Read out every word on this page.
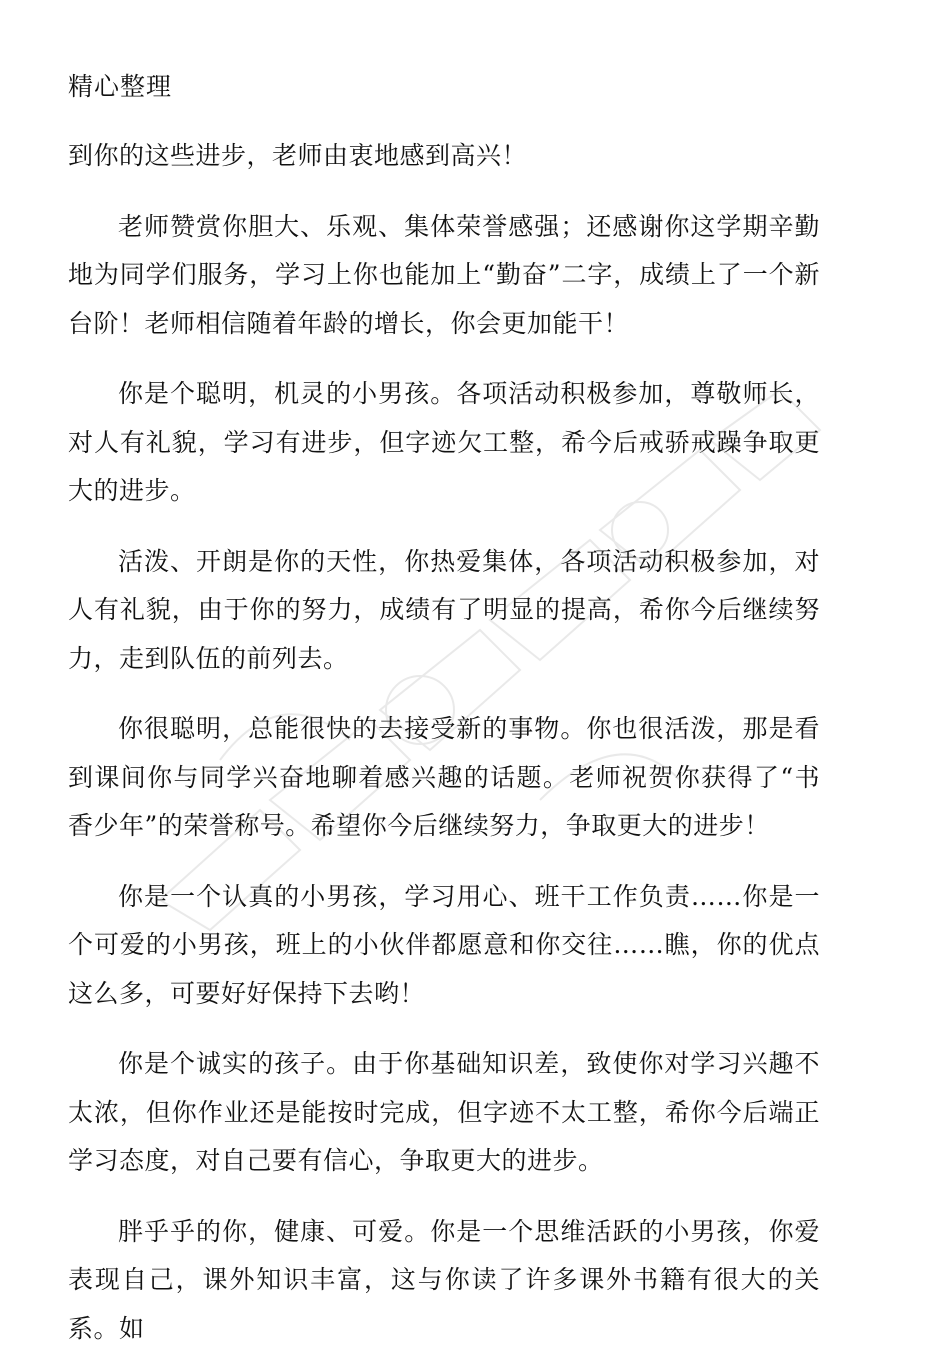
精心整理

到你的这些进步，老师由衷地感到高兴！

老师赞赏你胆大、乐观、集体荣誉感强；还感谢你这学期辛勤地为同学们服务，学习上你也能加上“勤奋”二字，成绩上了一个新台阶！老师相信随着年龄的增长，你会更加能干！

你是个聪明，机灵的小男孩。各项活动积极参加，尊敬师长，对人有礼貌，学习有进步，但字迹欠工整，希今后戒骄戒躁争取更大的进步。

活泼、开朗是你的天性，你热爱集体，各项活动积极参加，对人有礼貌，由于你的努力，成绩有了明显的提高，希你今后继续努力，走到队伍的前列去。

你很聪明，总能很快的去接受新的事物。你也很活泼，那是看到课间你与同学兴奋地聊着感兴趣的话题。老师祝贺你获得了“书香少年”的荣誉称号。希望你今后继续努力，争取更大的进步！

你是一个认真的小男孩，学习用心、班干工作负责……你是一个可爱的小男孩，班上的小伙伴都愿意和你交往……瞧，你的优点这么多，可要好好保持下去哟！

你是个诚实的孩子。由于你基础知识差，致使你对学习兴趣不太浓，但你作业还是能按时完成，但字迹不太工整，希你今后端正学习态度，对自己要有信心，争取更大的进步。

胖乎乎的你，健康、可爱。你是一个思维活跃的小男孩，你爱表现自己，课外知识丰富，这与你读了许多课外书籍有很大的关系。如
